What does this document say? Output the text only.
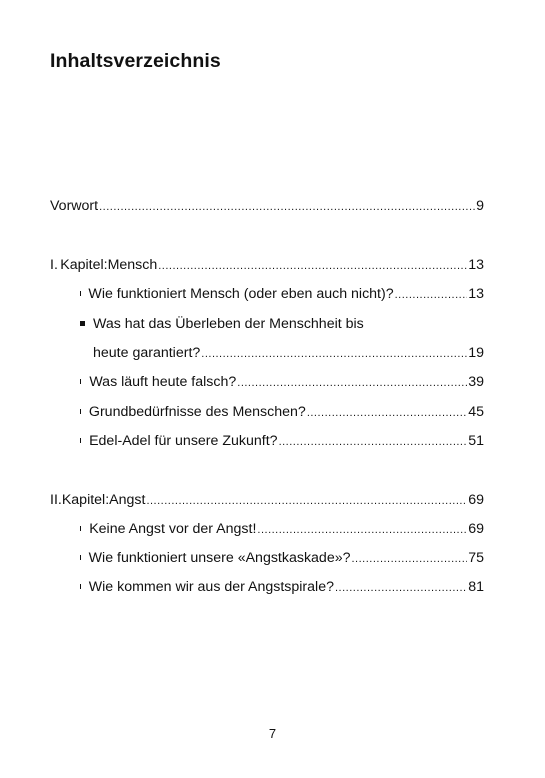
Inhaltsverzeichnis
Vorwort .....	9
I. Kapitel: Mensch .....	13
Wie funktioniert Mensch (oder eben auch nicht)? .....	13
Was hat das Überleben der Menschheit bis
heute garantiert? .....	19
Was läuft heute falsch? .....	39
Grundbedürfnisse des Menschen? .....	45
Edel-Adel für unsere Zukunft? .....	51
II. Kapitel: Angst .....	69
Keine Angst vor der Angst! .....	69
Wie funktioniert unsere «Angstkaskade»? .....	75
Wie kommen wir aus der Angstspirale? .....	81
7
